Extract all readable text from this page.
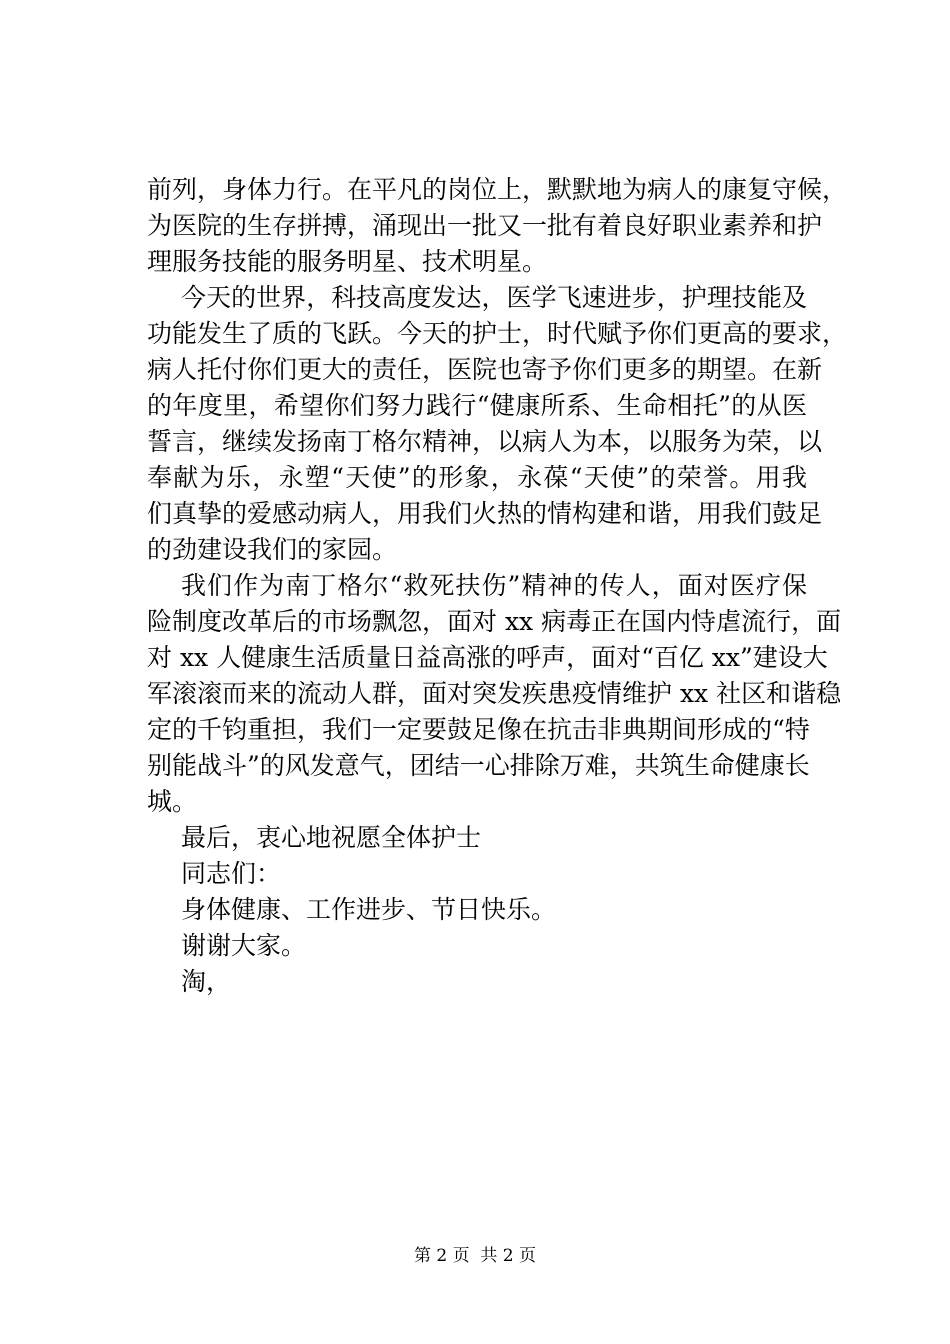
前列，身体力行。在平凡的岗位上，默默地为病人的康复守候，
为医院的生存拼搏，涌现出一批又一批有着良好职业素养和护
理服务技能的服务明星、技术明星。
今天的世界，科技高度发达，医学飞速进步，护理技能及
功能发生了质的飞跃。今天的护士，时代赋予你们更高的要求，
病人托付你们更大的责任，医院也寄予你们更多的期望。在新
的年度里，希望你们努力践行“健康所系、生命相托”的从医
誓言，继续发扬南丁格尔精神，以病人为本，以服务为荣，以
奉献为乐，永塑“天使”的形象，永葆“天使”的荣誉。用我
们真挚的爱感动病人，用我们火热的情构建和谐，用我们鼓足
的劲建设我们的家园。
我们作为南丁格尔“救死扶伤”精神的传人，面对医疗保
险制度改革后的市场飘忽，面对 xx 病毒正在国内恃虐流行，面
对 xx 人健康生活质量日益高涨的呼声，面对“百亿 xx”建设大
军滚滚而来的流动人群，面对突发疾患疫情维护 xx 社区和谐稳
定的千钧重担，我们一定要鼓足像在抗击非典期间形成的“特
别能战斗”的风发意气，团结一心排除万难，共筑生命健康长
城。
最后，衷心地祝愿全体护士
同志们：
身体健康、工作进步、节日快乐。
谢谢大家。
淘，
第 2 页  共 2 页
